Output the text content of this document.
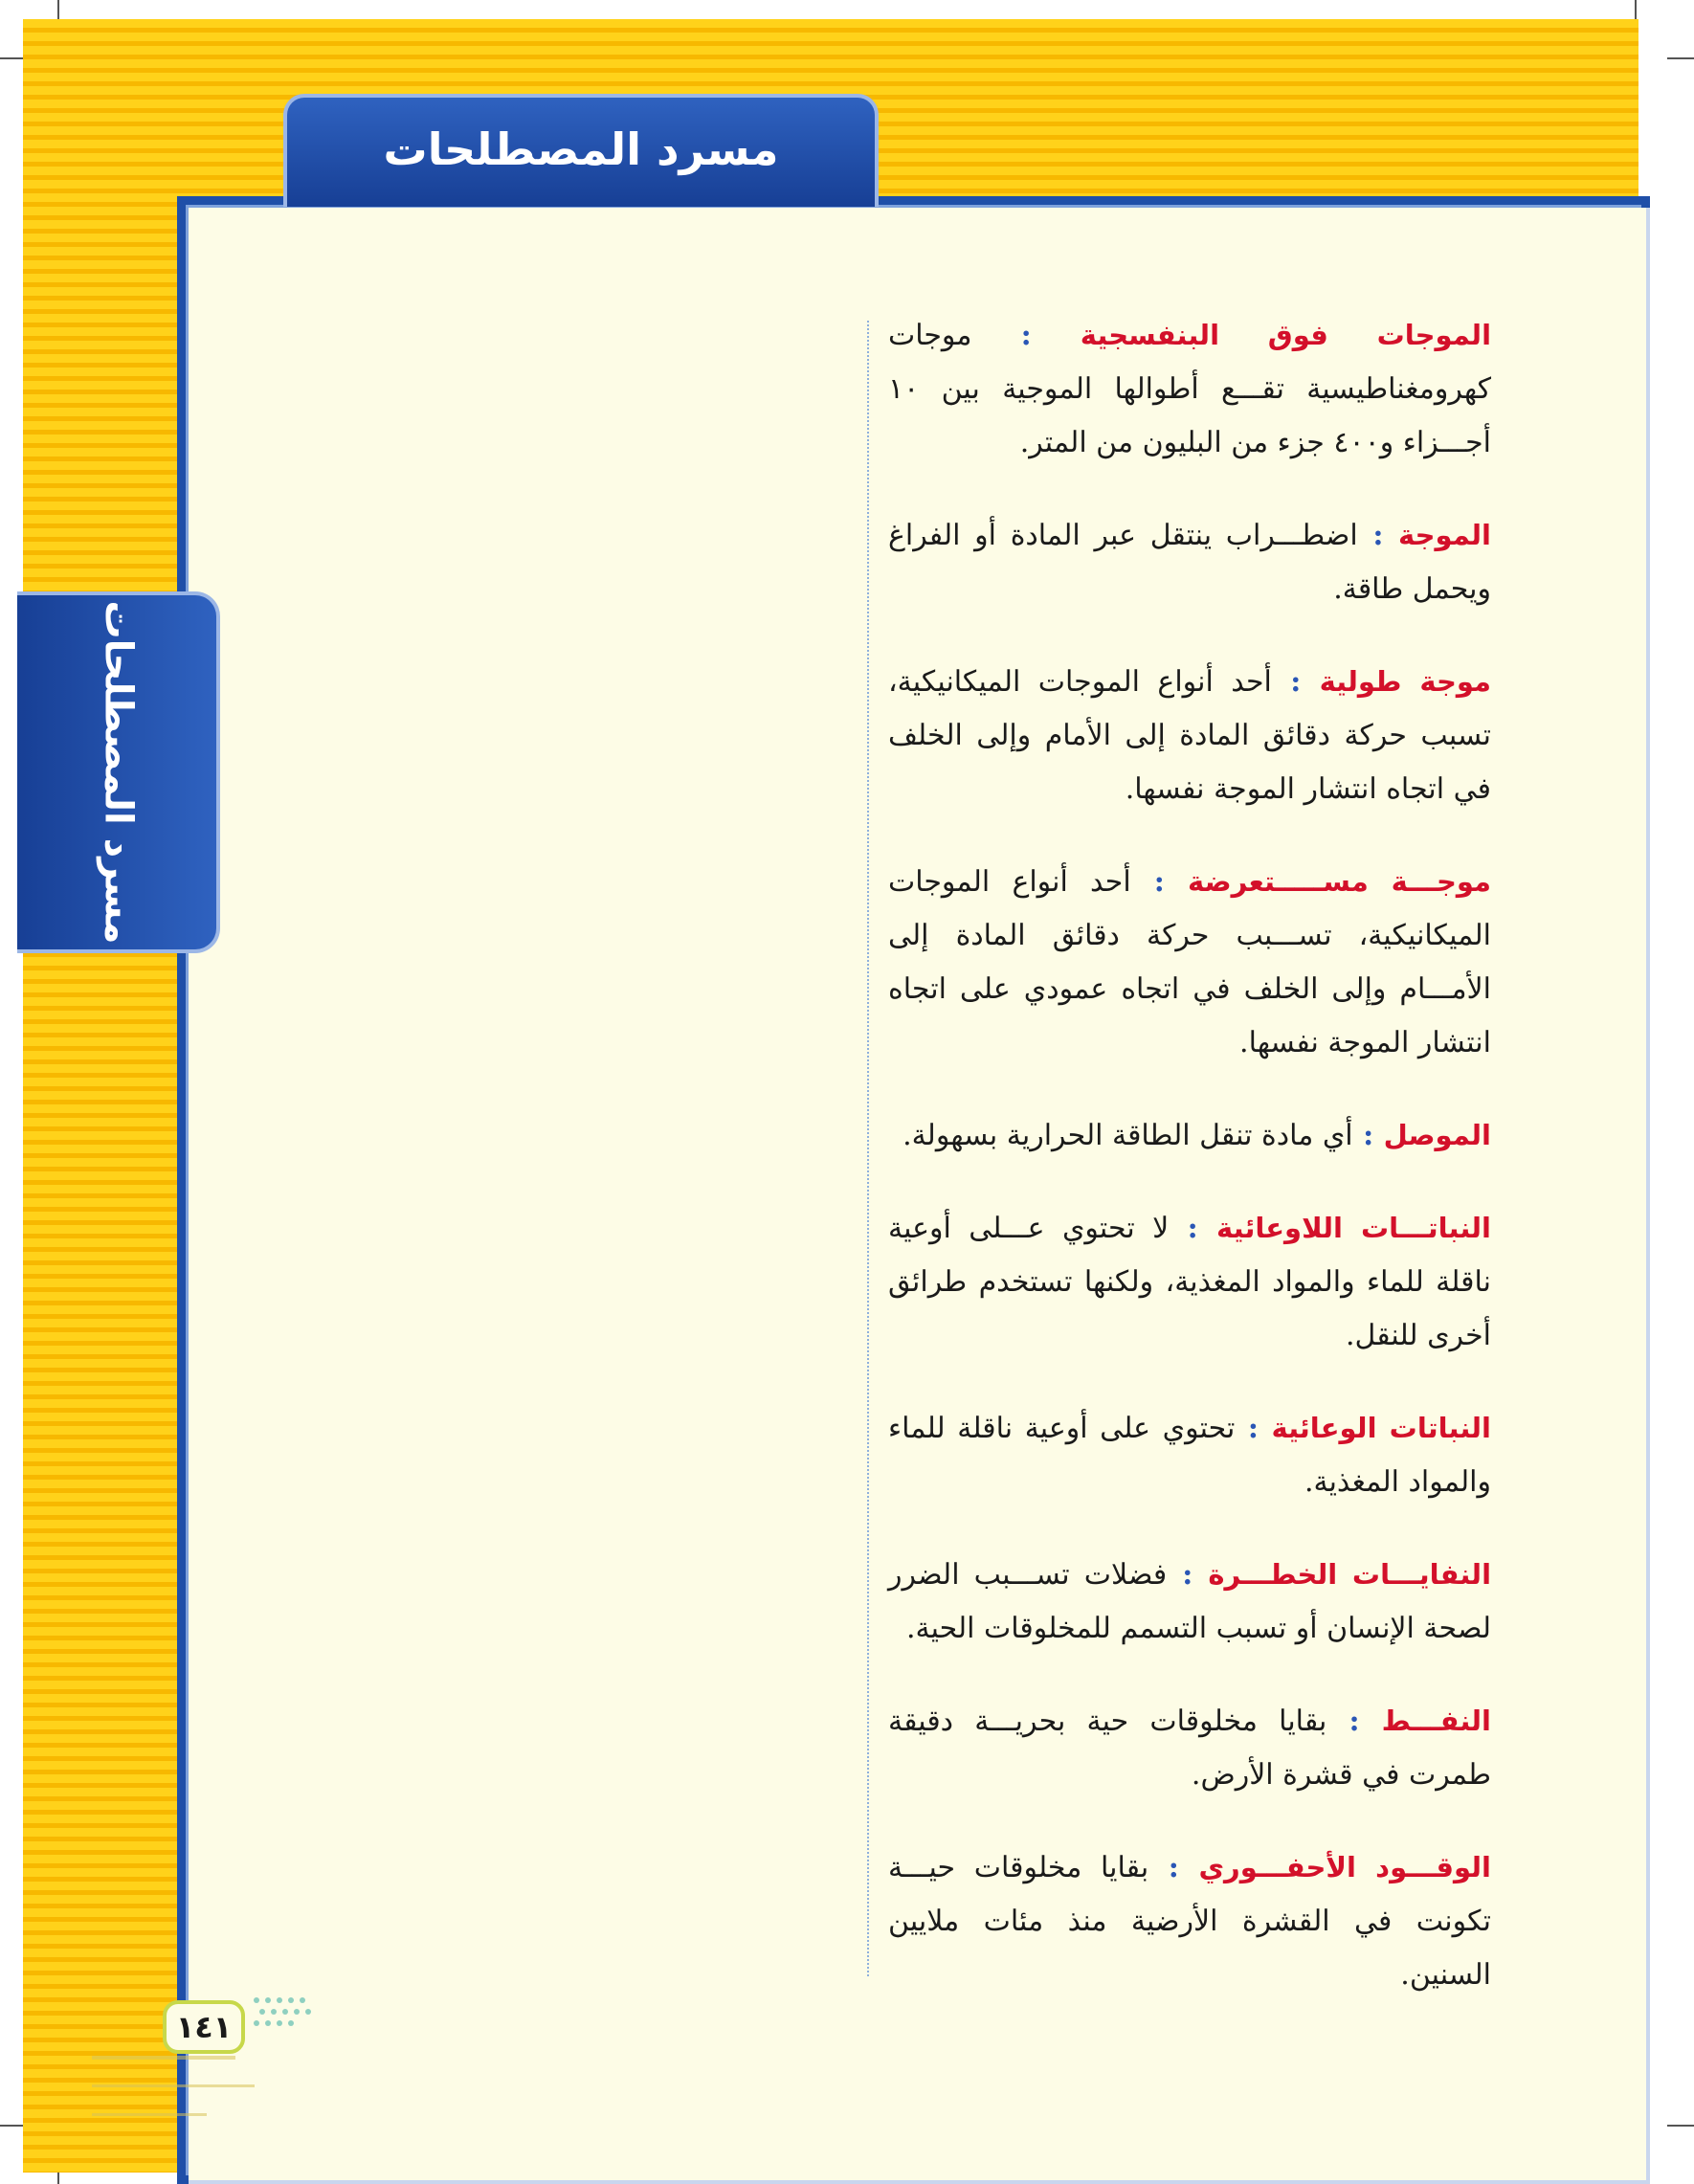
مسرد المصطلحات
مسرد المصطلحات

الموجات فوق البنفسجية : موجات كهرومغناطيسية تقـــع أطوالها الموجية بين ١٠ أجـــزاء و٤٠٠ جزء من البليون من المتر.

الموجة : اضطـــراب ينتقل عبر المادة أو الفراغ ويحمل طاقة.

موجة طولية : أحد أنواع الموجات الميكانيكية، تسبب حركة دقائق المادة إلى الأمام وإلى الخلف في اتجاه انتشار الموجة نفسها.

موجـــة مســـــتعرضة : أحد أنواع الموجات الميكانيكية، تســـبب حركة دقائق المادة إلى الأمـــام وإلى الخلف في اتجاه عمودي على اتجاه انتشار الموجة نفسها.

الموصل : أي مادة تنقل الطاقة الحرارية بسهولة.

النباتـــات اللاوعائية : لا تحتوي عـــلى أوعية ناقلة للماء والمواد المغذية، ولكنها تستخدم طرائق أخرى للنقل.

النباتات الوعائية : تحتوي على أوعية ناقلة للماء والمواد المغذية.

النفايـــات الخطـــرة : فضلات تســـبب الضرر لصحة الإنسان أو تسبب التسمم للمخلوقات الحية.

النفـــط : بقايا مخلوقات حية بحريـــة دقيقة طمرت في قشرة الأرض.

الوقـــود الأحفـــوري : بقايا مخلوقات حيـــة تكونت في القشرة الأرضية منذ مئات ملايين السنين.

١٤١
